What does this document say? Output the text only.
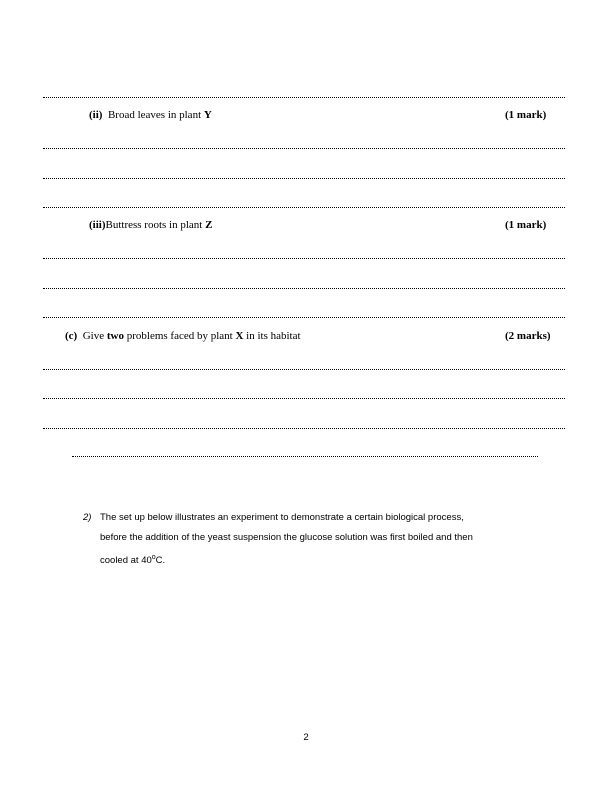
(ii) Broad leaves in plant Y	(1 mark)
(iii)Buttress roots in plant Z	(1 mark)
(c) Give two problems faced by plant X in its habitat	(2 marks)
2) The set up below illustrates an experiment to demonstrate a certain biological process,
before the addition of the yeast suspension the glucose solution was first boiled and then
cooled at 40$^o$C.
2
